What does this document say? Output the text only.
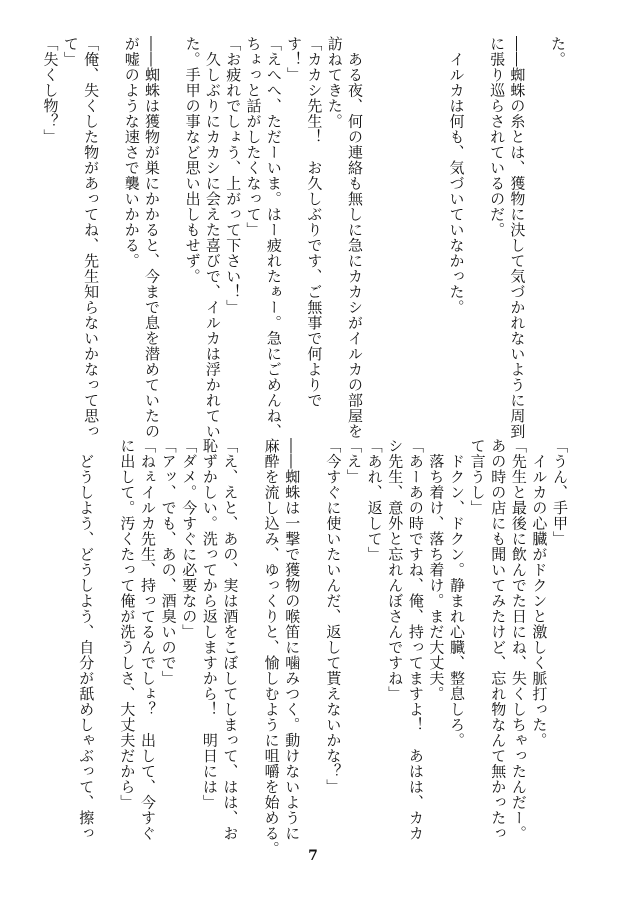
た。
――蜘蛛の糸とは、獲物に決して気づかれないように周到
に張り巡らされているのだ。
　イルカは何も、気づいていなかった。
　ある夜、何の連絡も無しに急にカカシがイルカの部屋を
訪ねてきた。
「カカシ先生！　お久しぶりです、ご無事で何よりで
す！」
「えへへ、ただーいま。はー疲れたぁー。急にごめんね、
ちょっと話がしたくなって」
「お疲れでしょう、上がって下さい！」
　久しぶりにカカシに会えた喜びで、イルカは浮かれてい
た。手甲の事など思い出しもせず。
――蜘蛛は獲物が巣にかかると、今まで息を潜めていたの
が嘘のような速さで襲いかかる。
「俺、失くした物があってね、先生知らないかなって思っ
て」
「失くし物？」
「うん、手甲」
　イルカの心臓がドクンと激しく脈打った。
「先生と最後に飲んでた日にね、失くしちゃったんだー。
あの時の店にも聞いてみたけど、忘れ物なんて無かったっ
て言うし」
　ドクン、ドクン。静まれ心臓、整息しろ。
　落ち着け、落ち着け。まだ大丈夫。
「あーあの時ですね、俺、持ってますよ！　あはは、カカ
シ先生、意外と忘れんぼさんですね」
「あれ、返して」
「え」
「今すぐに使いたいんだ、返して貰えないかな？」
――蜘蛛は一撃で獲物の喉笛に噛みつく。動けないように
麻酔を流し込み、ゆっくりと、愉しむように咀嚼を始める。
「え、えと、あの、実は酒をこぼしてしまって、はは、お
恥ずかしい。洗ってから返しますから！　明日には」
「ダメ。今すぐに必要なの」
「アッ、でも、あの、酒臭いので」
「ねぇイルカ先生、持ってるんでしょ？　出して、今すぐ
に出して。汚くたって俺が洗うしさ、大丈夫だから」
　どうしよう、どうしよう、自分が舐めしゃぶって、擦っ
7
